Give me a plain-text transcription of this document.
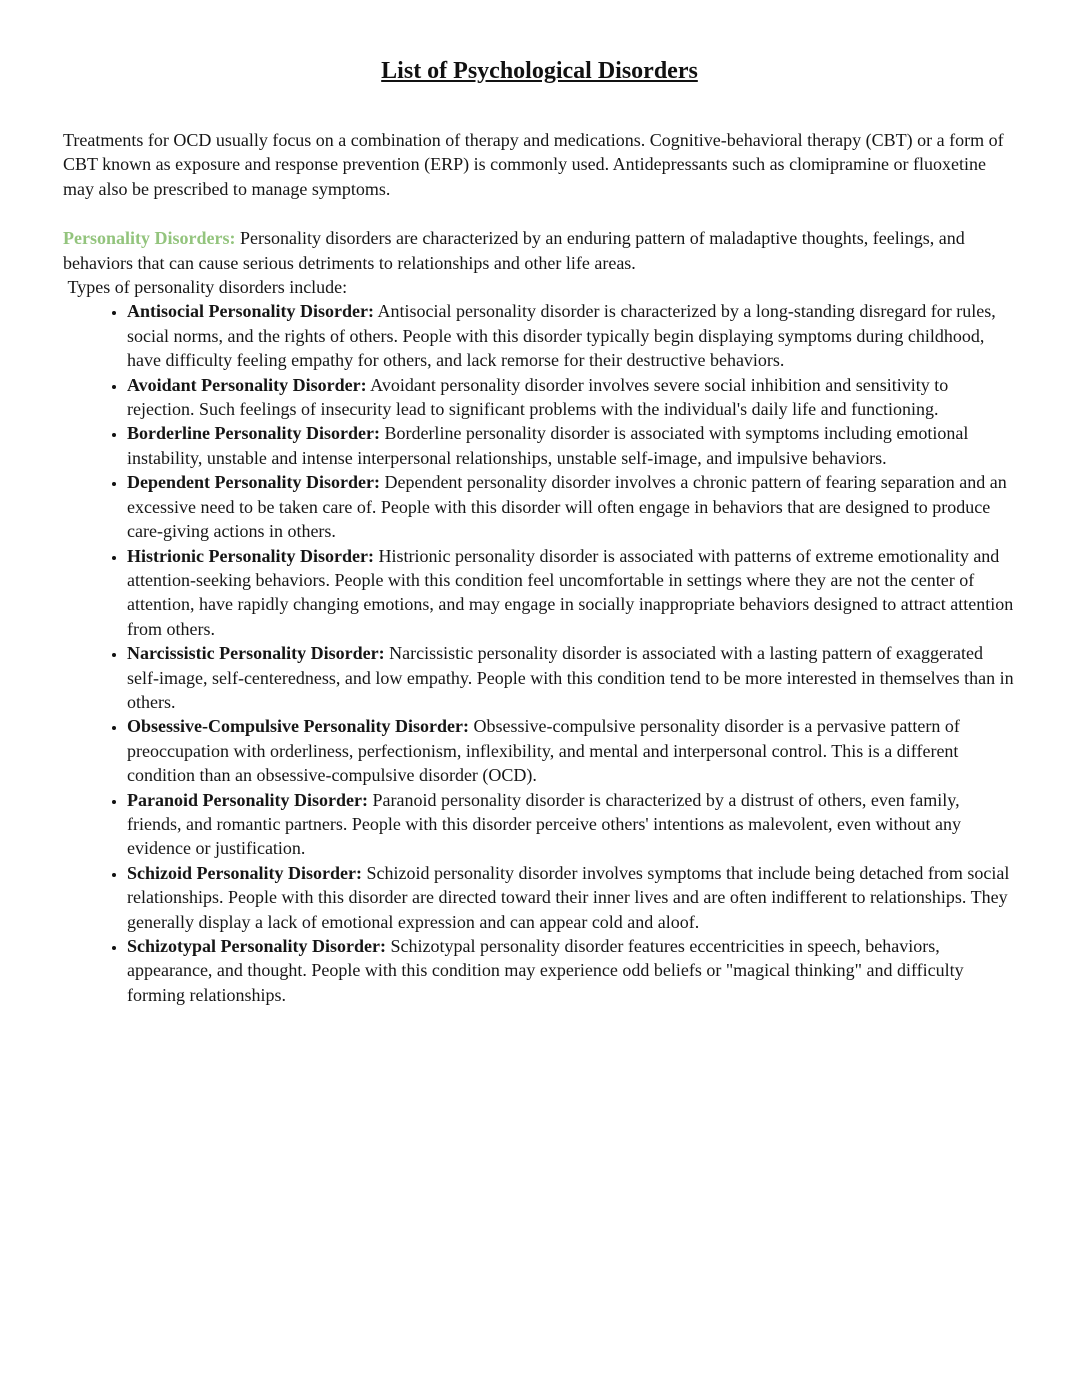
List of Psychological Disorders

Treatments for OCD usually focus on a combination of therapy and medications. Cognitive-behavioral therapy (CBT) or a form of CBT known as exposure and response prevention (ERP) is commonly used. Antidepressants such as clomipramine or fluoxetine may also be prescribed to manage symptoms.

Personality Disorders: Personality disorders are characterized by an enduring pattern of maladaptive thoughts, feelings, and behaviors that can cause serious detriments to relationships and other life areas.

Types of personality disorders include:
• Antisocial Personality Disorder: Antisocial personality disorder is characterized by a long-standing disregard for rules, social norms, and the rights of others. People with this disorder typically begin displaying symptoms during childhood, have difficulty feeling empathy for others, and lack remorse for their destructive behaviors.
• Avoidant Personality Disorder: Avoidant personality disorder involves severe social inhibition and sensitivity to rejection. Such feelings of insecurity lead to significant problems with the individual's daily life and functioning.
• Borderline Personality Disorder: Borderline personality disorder is associated with symptoms including emotional instability, unstable and intense interpersonal relationships, unstable self-image, and impulsive behaviors.
• Dependent Personality Disorder: Dependent personality disorder involves a chronic pattern of fearing separation and an excessive need to be taken care of. People with this disorder will often engage in behaviors that are designed to produce care-giving actions in others.
• Histrionic Personality Disorder: Histrionic personality disorder is associated with patterns of extreme emotionality and attention-seeking behaviors. People with this condition feel uncomfortable in settings where they are not the center of attention, have rapidly changing emotions, and may engage in socially inappropriate behaviors designed to attract attention from others.
• Narcissistic Personality Disorder: Narcissistic personality disorder is associated with a lasting pattern of exaggerated self-image, self-centeredness, and low empathy. People with this condition tend to be more interested in themselves than in others.
• Obsessive-Compulsive Personality Disorder: Obsessive-compulsive personality disorder is a pervasive pattern of preoccupation with orderliness, perfectionism, inflexibility, and mental and interpersonal control. This is a different condition than an obsessive-compulsive disorder (OCD).
• Paranoid Personality Disorder: Paranoid personality disorder is characterized by a distrust of others, even family, friends, and romantic partners. People with this disorder perceive others' intentions as malevolent, even without any evidence or justification.
• Schizoid Personality Disorder: Schizoid personality disorder involves symptoms that include being detached from social relationships. People with this disorder are directed toward their inner lives and are often indifferent to relationships. They generally display a lack of emotional expression and can appear cold and aloof.
• Schizotypal Personality Disorder: Schizotypal personality disorder features eccentricities in speech, behaviors, appearance, and thought. People with this condition may experience odd beliefs or "magical thinking" and difficulty forming relationships.
